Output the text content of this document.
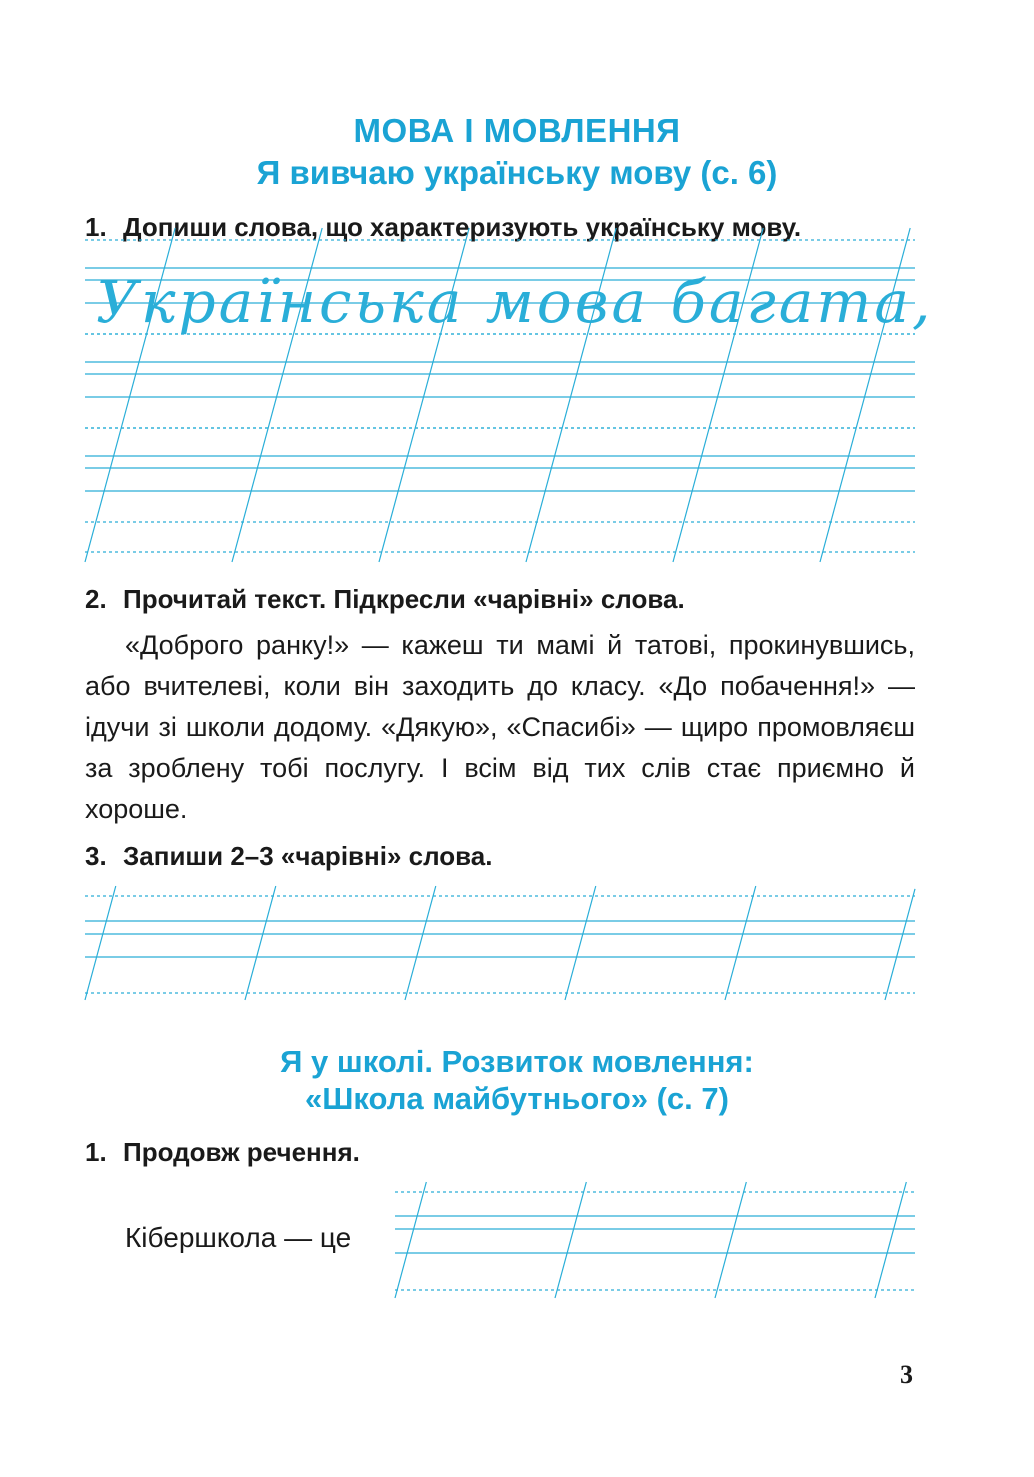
МОВА І МОВЛЕННЯ
Я вивчаю українську мову (с. 6)
1. Допиши слова, що характеризують українську мову.
Українська мова багата,
2. Прочитай текст. Підкресли «чарівні» слова.

«Доброго ранку!» — кажеш ти мамі й татові, прокинувшись, або вчителеві, коли він заходить до класу. «До побачення!» — ідучи зі школи додому. «Дякую», «Спасибі» — щиро промовляєш за зроблену тобі послугу. І всім від тих слів стає приємно й хороше.

3. Запиши 2–3 «чарівні» слова.
Я у школі. Розвиток мовлення:
«Школа майбутнього» (с. 7)
1. Продовж речення.
Кібершкола — це
3
